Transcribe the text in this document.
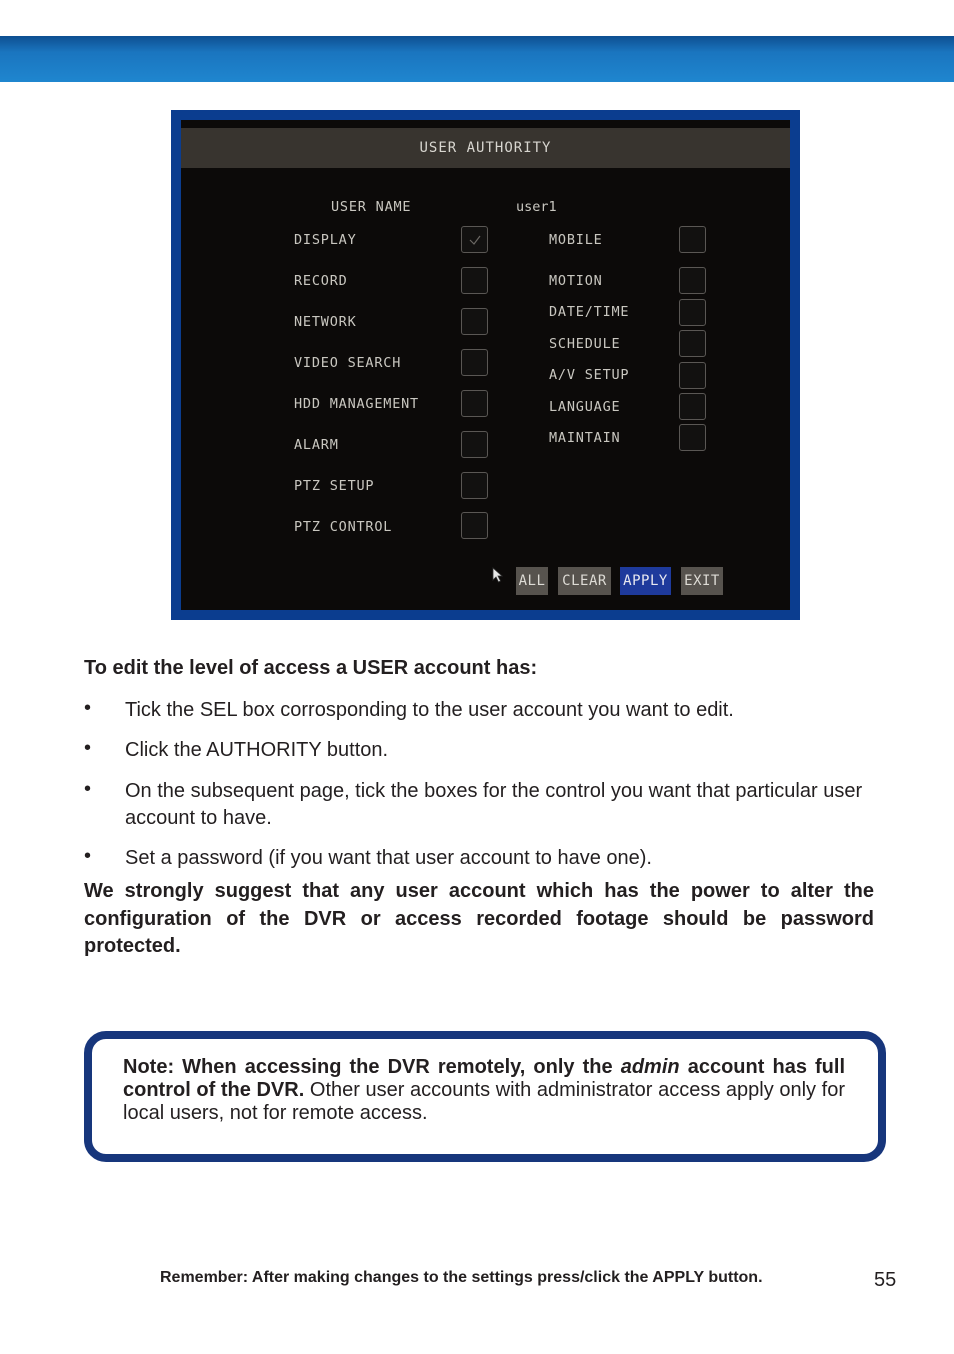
USER AUTHORITY
USER NAME	user1
DISPLAY
RECORD
NETWORK
VIDEO SEARCH
HDD MANAGEMENT
ALARM
PTZ SETUP
PTZ CONTROL
MOBILE
MOTION
DATE/TIME
SCHEDULE
A/V SETUP
LANGUAGE
MAINTAIN
ALL CLEAR APPLY EXIT
To edit the level of access a USER account has:
• Tick the SEL box corrosponding to the user account you want to edit.
• Click the AUTHORITY button.
• On the subsequent page, tick the boxes for the control you want that particular user account to have.
• Set a password (if you want that user account to have one).
We strongly suggest that any user account which has the power to alter the configuration of the DVR or access recorded footage should be password protected.
Note: When accessing the DVR remotely, only the admin account has full control of the DVR. Other user accounts with administrator access apply only for local users, not for remote access.
Remember: After making changes to the settings press/click the APPLY button.	55
